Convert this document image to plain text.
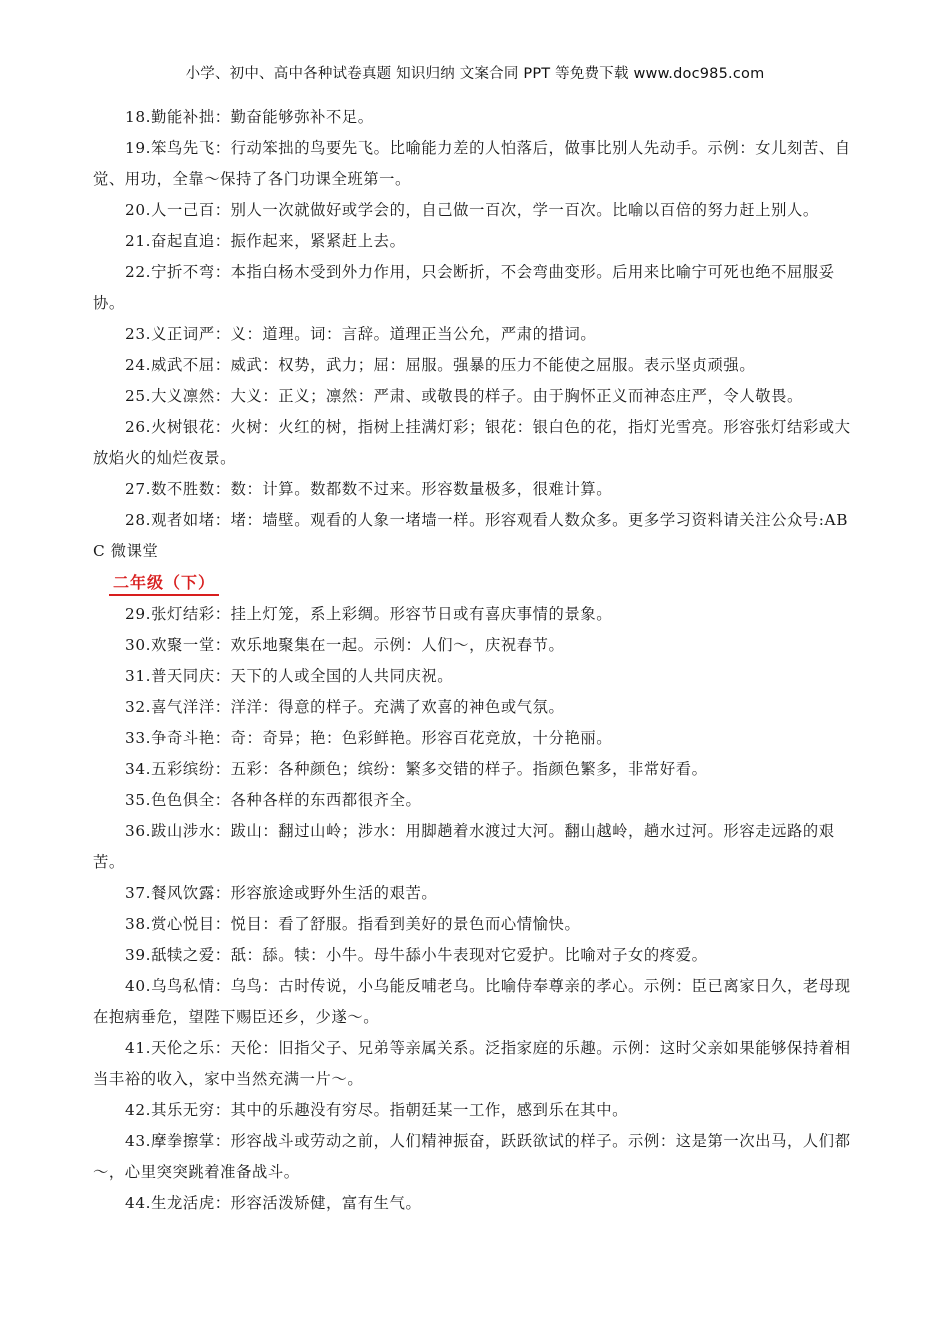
小学、初中、高中各种试卷真题 知识归纳 文案合同 PPT 等免费下载 www.doc985.com

18.勤能补拙：勤奋能够弥补不足。

19.笨鸟先飞：行动笨拙的鸟要先飞。比喻能力差的人怕落后，做事比别人先动手。示例：女儿刻苦、自觉、用功，全靠～保持了各门功课全班第一。

20.人一己百：别人一次就做好或学会的，自己做一百次，学一百次。比喻以百倍的努力赶上别人。

21.奋起直追：振作起来，紧紧赶上去。

22.宁折不弯：本指白杨木受到外力作用，只会断折，不会弯曲变形。后用来比喻宁可死也绝不屈服妥协。

23.义正词严：义：道理。词：言辞。道理正当公允，严肃的措词。

24.威武不屈：威武：权势，武力；屈：屈服。强暴的压力不能使之屈服。表示坚贞顽强。

25.大义凛然：大义：正义；凛然：严肃、或敬畏的样子。由于胸怀正义而神态庄严，令人敬畏。

26.火树银花：火树：火红的树，指树上挂满灯彩；银花：银白色的花，指灯光雪亮。形容张灯结彩或大放焰火的灿烂夜景。

27.数不胜数：数：计算。数都数不过来。形容数量极多，很难计算。

28.观者如堵：堵：墙壁。观看的人象一堵墙一样。形容观看人数众多。更多学习资料请关注公众号:ABC 微课堂

二年级（下）

29.张灯结彩：挂上灯笼，系上彩绸。形容节日或有喜庆事情的景象。

30.欢聚一堂：欢乐地聚集在一起。示例：人们～，庆祝春节。

31.普天同庆：天下的人或全国的人共同庆祝。

32.喜气洋洋：洋洋：得意的样子。充满了欢喜的神色或气氛。

33.争奇斗艳：奇：奇异；艳：色彩鲜艳。形容百花竞放，十分艳丽。

34.五彩缤纷：五彩：各种颜色；缤纷：繁多交错的样子。指颜色繁多，非常好看。

35.色色俱全：各种各样的东西都很齐全。

36.跋山涉水：跋山：翻过山岭；涉水：用脚趟着水渡过大河。翻山越岭，趟水过河。形容走远路的艰苦。

37.餐风饮露：形容旅途或野外生活的艰苦。

38.赏心悦目：悦目：看了舒服。指看到美好的景色而心情愉快。

39.舐犊之爱：舐：舔。犊：小牛。母牛舔小牛表现对它爱护。比喻对子女的疼爱。

40.乌鸟私情：乌鸟：古时传说，小乌能反哺老乌。比喻侍奉尊亲的孝心。示例：臣已离家日久，老母现在抱病垂危，望陛下赐臣还乡，少遂～。

41.天伦之乐：天伦：旧指父子、兄弟等亲属关系。泛指家庭的乐趣。示例：这时父亲如果能够保持着相当丰裕的收入，家中当然充满一片～。

42.其乐无穷：其中的乐趣没有穷尽。指朝廷某一工作，感到乐在其中。

43.摩拳擦掌：形容战斗或劳动之前，人们精神振奋，跃跃欲试的样子。示例：这是第一次出马，人们都～，心里突突跳着准备战斗。

44.生龙活虎：形容活泼矫健，富有生气。
